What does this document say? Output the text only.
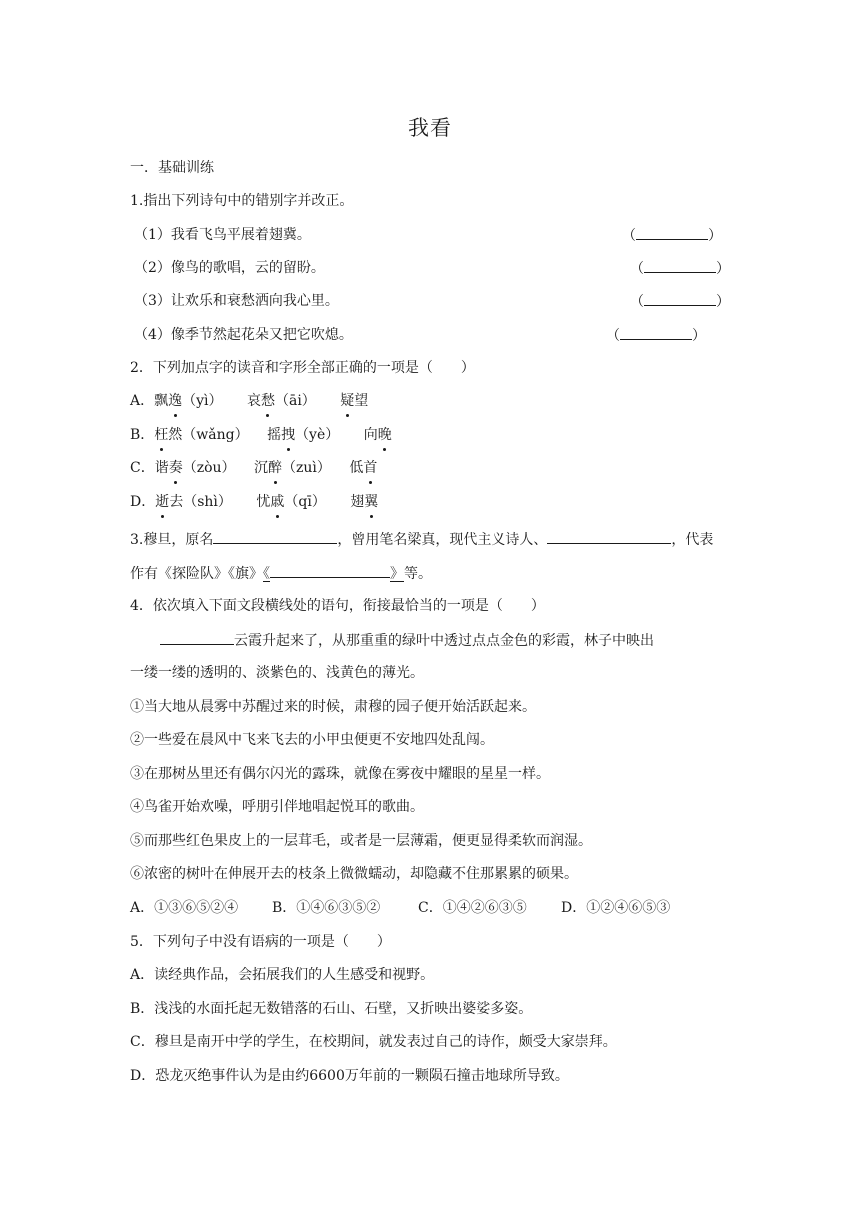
我看
一．基础训练
1.指出下列诗句中的错别字并改正。
（1）我看飞鸟平展着翅冀。	（	）
（2）像鸟的歌唱，云的留盼。	（	）
（3）让欢乐和衰愁洒向我心里。	（	）
（4）像季节然起花朵又把它吹熄。	（	）
2．下列加点字的读音和字形全部正确的一项是（　　）
A．飘逸（yì） 哀愁（āi） 疑望
B．枉然（wǎng） 摇拽（yè） 向晚
C．谐奏（zòu） 沉醉（zuì） 低首
D．逝去（shì） 忧戚（qī） 翅翼
3.穆旦，原名	，曾用笔名梁真，现代主义诗人、	，代表
作有《探险队》《旗》《	》等。
4．依次填入下面文段横线处的语句，衔接最恰当的一项是（　　）
云霞升起来了，从那重重的绿叶中透过点点金色的彩霞，林子中映出
一缕一缕的透明的、淡紫色的、浅黄色的薄光。
①当大地从晨雾中苏醒过来的时候，肃穆的园子便开始活跃起来。
②一些爱在晨风中飞来飞去的小甲虫便更不安地四处乱闯。
③在那树丛里还有偶尔闪光的露珠，就像在雾夜中耀眼的星星一样。
④鸟雀开始欢噪，呼朋引伴地唱起悦耳的歌曲。
⑤而那些红色果皮上的一层茸毛，或者是一层薄霜，便更显得柔软而润湿。
⑥浓密的树叶在伸展开去的枝条上微微蠕动，却隐藏不住那累累的硕果。
A．①③⑥⑤②④ B．①④⑥③⑤②	C．①④②⑥③⑤ D．①②④⑥⑤③
5．下列句子中没有语病的一项是（　　）
A．读经典作品，会拓展我们的人生感受和视野。
B．浅浅的水面托起无数错落的石山、石壁，又折映出婆娑多姿。
C．穆旦是南开中学的学生，在校期间，就发表过自己的诗作，颇受大家崇拜。
D．恐龙灭绝事件认为是由约6600万年前的一颗陨石撞击地球所导致。
